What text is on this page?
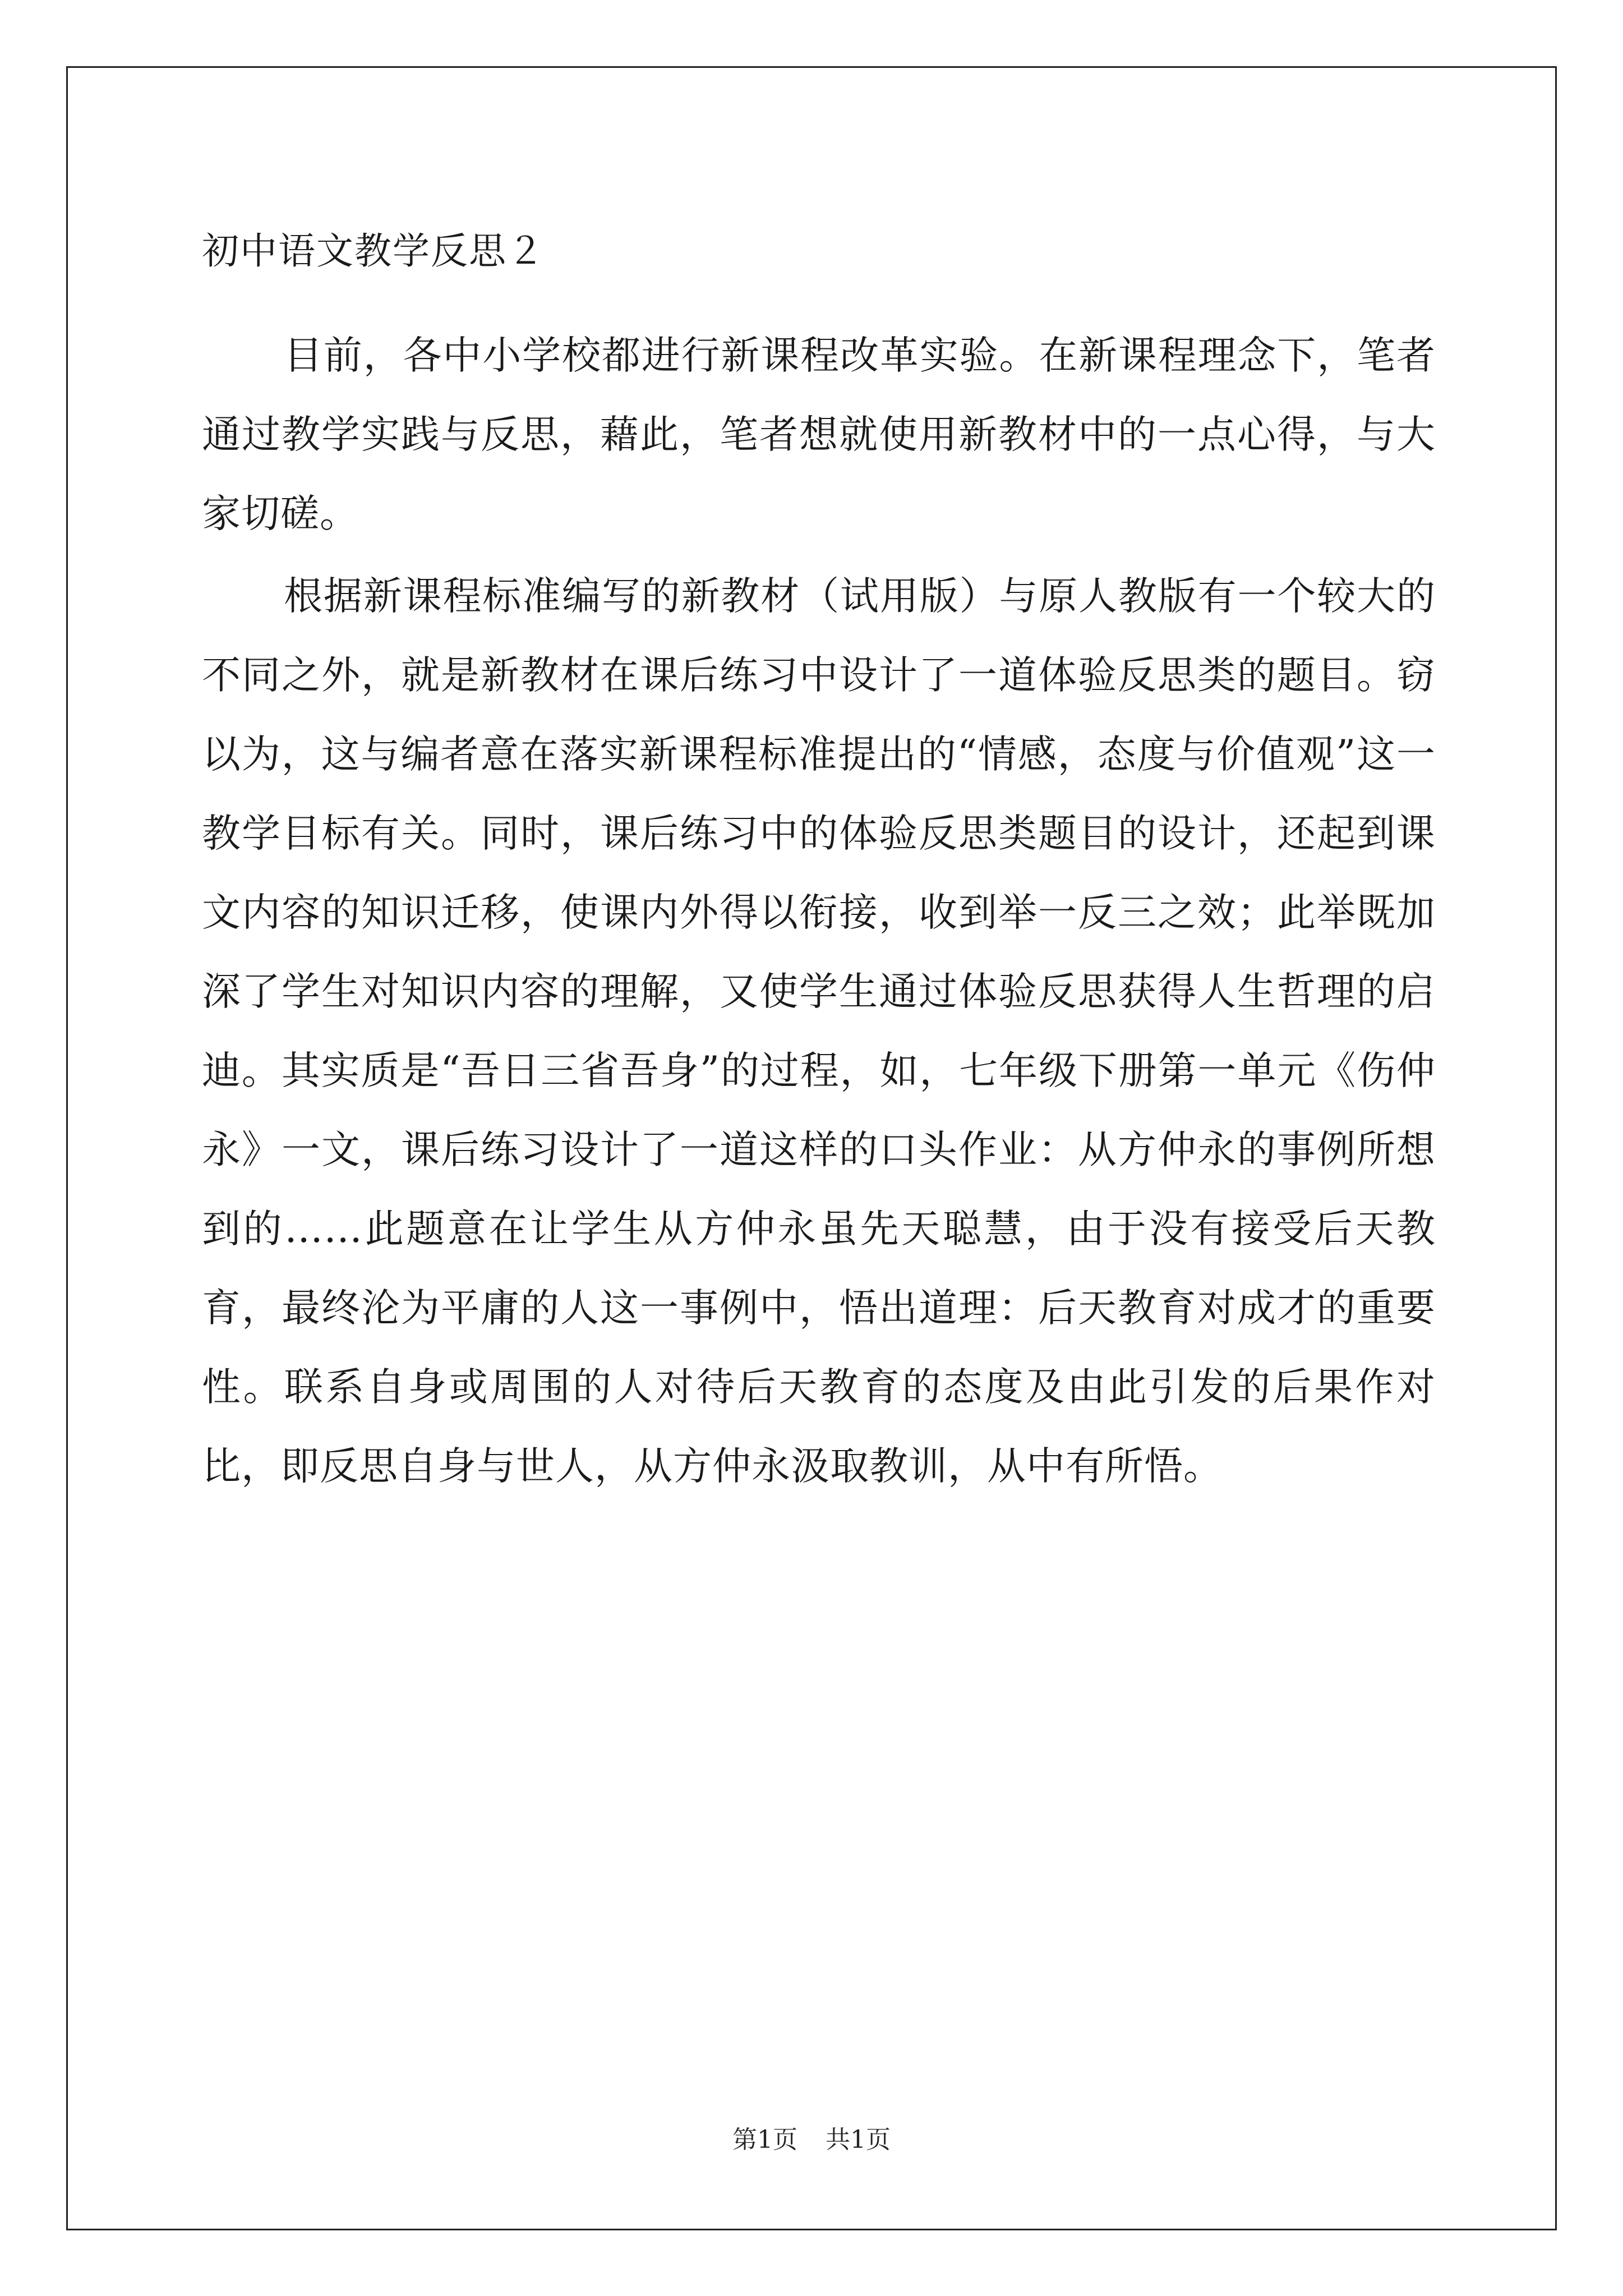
初中语文教学反思２

目前，各中小学校都进行新课程改革实验。在新课程理念下，笔者通过教学实践与反思，藉此，笔者想就使用新教材中的一点心得，与大家切磋。

根据新课程标准编写的新教材（试用版）与原人教版有一个较大的不同之外，就是新教材在课后练习中设计了一道体验反思类的题目。窃以为，这与编者意在落实新课程标准提出的“情感，态度与价值观”这一教学目标有关。同时，课后练习中的体验反思类题目的设计，还起到课文内容的知识迁移，使课内外得以衔接，收到举一反三之效；此举既加深了学生对知识内容的理解，又使学生通过体验反思获得人生哲理的启迪。其实质是“吾日三省吾身”的过程，如，七年级下册第一单元《伤仲永》一文，课后练习设计了一道这样的口头作业：从方仲永的事例所想到的……此题意在让学生从方仲永虽先天聪慧，由于没有接受后天教育，最终沦为平庸的人这一事例中，悟出道理：后天教育对成才的重要性。联系自身或周围的人对待后天教育的态度及由此引发的后果作对比，即反思自身与世人，从方仲永汲取教训，从中有所悟。

第1页 共1页
